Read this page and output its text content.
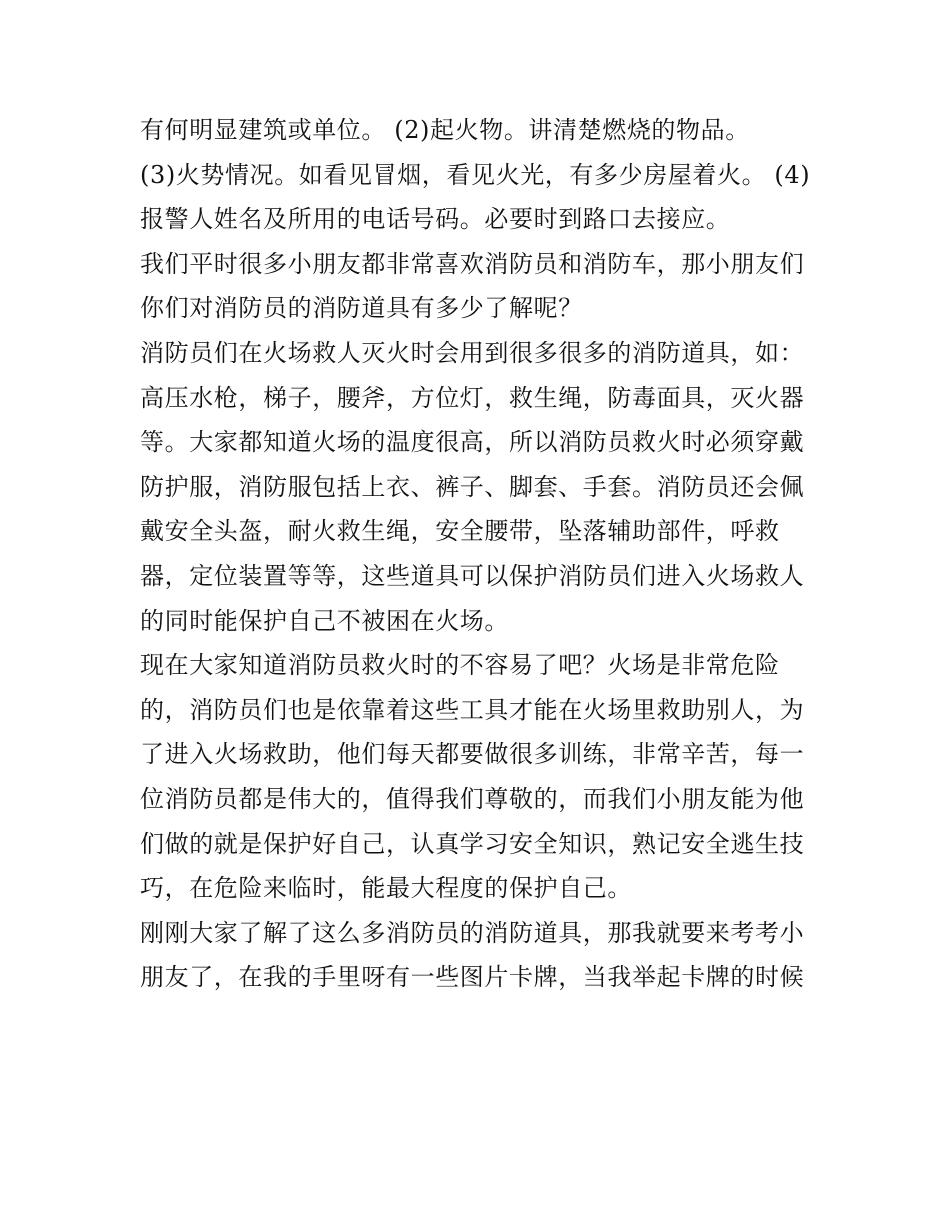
有何明显建筑或单位。 (2)起火物。讲清楚燃烧的物品。
(3)火势情况。如看见冒烟，看见火光，有多少房屋着火。 (4)
报警人姓名及所用的电话号码。必要时到路口去接应。
我们平时很多小朋友都非常喜欢消防员和消防车，那小朋友们
你们对消防员的消防道具有多少了解呢？
消防员们在火场救人灭火时会用到很多很多的消防道具，如：
高压水枪，梯子，腰斧，方位灯，救生绳，防毒面具，灭火器
等。大家都知道火场的温度很高，所以消防员救火时必须穿戴
防护服，消防服包括上衣、裤子、脚套、手套。消防员还会佩
戴安全头盔，耐火救生绳，安全腰带，坠落辅助部件，呼救
器，定位装置等等，这些道具可以保护消防员们进入火场救人
的同时能保护自己不被困在火场。
现在大家知道消防员救火时的不容易了吧？火场是非常危险
的，消防员们也是依靠着这些工具才能在火场里救助别人，为
了进入火场救助，他们每天都要做很多训练，非常辛苦，每一
位消防员都是伟大的，值得我们尊敬的，而我们小朋友能为他
们做的就是保护好自己，认真学习安全知识，熟记安全逃生技
巧，在危险来临时，能最大程度的保护自己。
刚刚大家了解了这么多消防员的消防道具，那我就要来考考小
朋友了，在我的手里呀有一些图片卡牌，当我举起卡牌的时候
